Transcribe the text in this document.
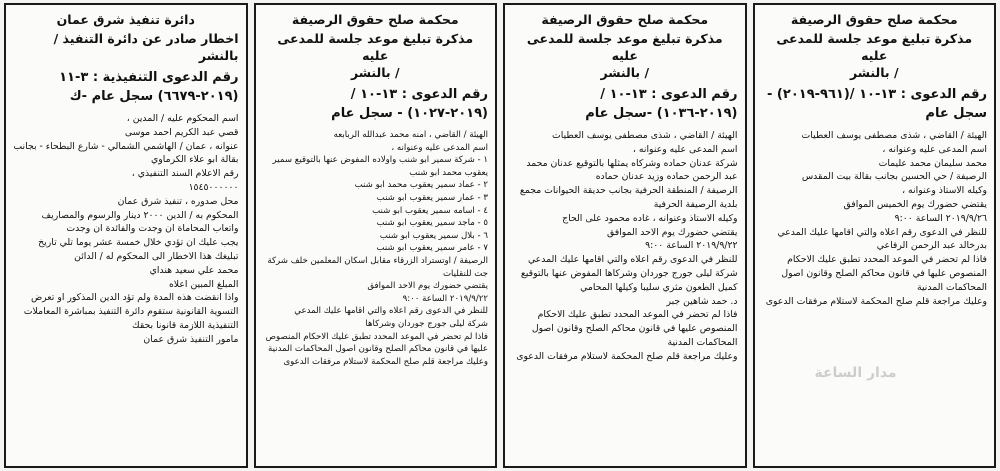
محكمة صلح حقوق الرصيفة
مذكرة تبليغ موعد جلسة للمدعى عليه
/ بالنشر
رقم الدعوى : ١٣-١٠ /(٩٦١-٢٠١٩) -
سجل عام

الهيئة / القاضي ، شذى مصطفى يوسف العطيات

اسم المدعى عليه وعنوانه ،

محمد سليمان محمد عليمات

الرصيفة / حي الحسين بجانب بقالة بيت المقدس

وكيله الاستاذ وعنوانه ،

يقتضي حضورك يوم الخميس الموافق

٢٠١٩/٩/٢٦ الساعة ٩:٠٠

للنظر في الدعوى رقم اعلاه والتي اقامها عليك المدعي

بدرخالد عبد الرحمن الرفاعي

فاذا لم تحضر في الموعد المحدد تطبق عليك الاحكام المنصوص عليها في قانون محاكم الصلح وقانون اصول المحاكمات المدنية

وعليك مراجعة قلم صلح المحكمة لاستلام مرفقات الدعوى

مدار الساعة
محكمة صلح حقوق الرصيفة
مذكرة تبليغ موعد جلسة للمدعى عليه
/ بالنشر
رقم الدعوى : ١٣-١٠ /
(٢٠١٩-١٠٣٦) -سجل عام

الهيئة / القاضي ، شذى مصطفى يوسف العطيات

اسم المدعى عليه وعنوانه ،

شركة عدنان حماده وشركاه يمثلها بالتوقيع عدنان محمد عبد الرحمن حماده وزيد عدنان حماده

الرصيفة / المنطقة الحرفية بجانب حديقة الحيوانات مجمع بلدية الرصيفة الحرفية

وكيله الاستاذ وعنوانه ، غاده محمود على الحاج

يقتضي حضورك يوم الاحد الموافق

٢٠١٩/٩/٢٢ الساعة ٩:٠٠

للنظر في الدعوى رقم اعلاه والتي اقامها عليك المدعي

شركة ليلى جورج جوردان وشركاها المفوض عنها بالتوقيع كميل الطعون مثري سليبا وكيلها المحامي

د. حمد شاهين جبر

فاذا لم تحضر في الموعد المحدد تطبق عليك الاحكام المنصوص عليها في قانون محاكم الصلح وقانون اصول المحاكمات المدنية

وعليك مراجعة قلم صلح المحكمة لاستلام مرفقات الدعوى

محكمة صلح حقوق الرصيفة
مذكرة تبليغ موعد جلسة للمدعى عليه
/ بالنشر
رقم الدعوى : ١٣-١٠ /
(٢٠١٩-١٠٢٧) - سجل عام

الهيئة / القاضي ، امنه محمد عبدالله الربابعه

اسم المدعى عليه وعنوانه ،

١ - شركة سمير ابو شنب واولاده المفوض عنها بالتوقيع سمير يعقوب محمد ابو شنب

٢ - عماد سمير يعقوب محمد ابو شنب

٣ - عمار سمير يعقوب ابو شنب

٤ - اسامه سمير يعقوب ابو شنب

٥ - ماجد سمير يعقوب ابو شنب

٦ - بلال سمير يعقوب ابو شنب

٧ - عامر سمير يعقوب ابو شنب

الرصيفة / اوتستراد الزرقاء مقابل اسكان المعلمين خلف شركة جت للنقليات

يقتضي حضورك يوم الاحد الموافق

٢٠١٩/٩/٢٢ الساعة ٩:٠٠

للنظر في الدعوى رقم اعلاه والتي اقامها عليك المدعي

شركة ليلى جورج جوردان وشركاها

فاذا لم تحضر في الموعد المحدد تطبق عليك الاحكام المنصوص عليها في قانون محاكم الصلح وقانون اصول المحاكمات المدنية

وعليك مراجعة قلم صلح المحكمة لاستلام مرفقات الدعوى

دائرة تنفيذ شرق عمان
اخطار صادر عن دائرة التنفيذ / بالنشر
رقم الدعوى التنفيذية : ٣-١١
(٢٠١٩-٦٦٧٩) سجل عام -ك

اسم المحكوم عليه / المدين ،

قصي عبد الكريم احمد موسى

عنوانه ، عمان / الهاشمي الشمالي - شارع البطحاء - بجانب بقالة ابو علاء الكرماوي

رقم الاعلام السند التنفيذي ،

١٥٤٥٠٠٠٠٠٠

محل صدوره ، تنفيذ شرق عمان

المحكوم به / الدين ٢٠٠٠ دينار والرسوم والمصاريف واتعاب المحاماة ان وجدت والفائدة ان وجدت

يجب عليك ان تؤدي خلال خمسة عشر يوما تلي تاريخ تبليغك هذا الاخطار الى المحكوم له / الدائن

محمد علي سعيد هنداي

المبلغ المبين اعلاه

واذا انقضت هذه المدة ولم تؤد الدين المذكور او تعرض التسوية القانونية ستقوم دائرة التنفيذ بمباشرة المعاملات التنفيذية اللازمة قانونا بحقك

مامور التنفيذ شرق عمان
